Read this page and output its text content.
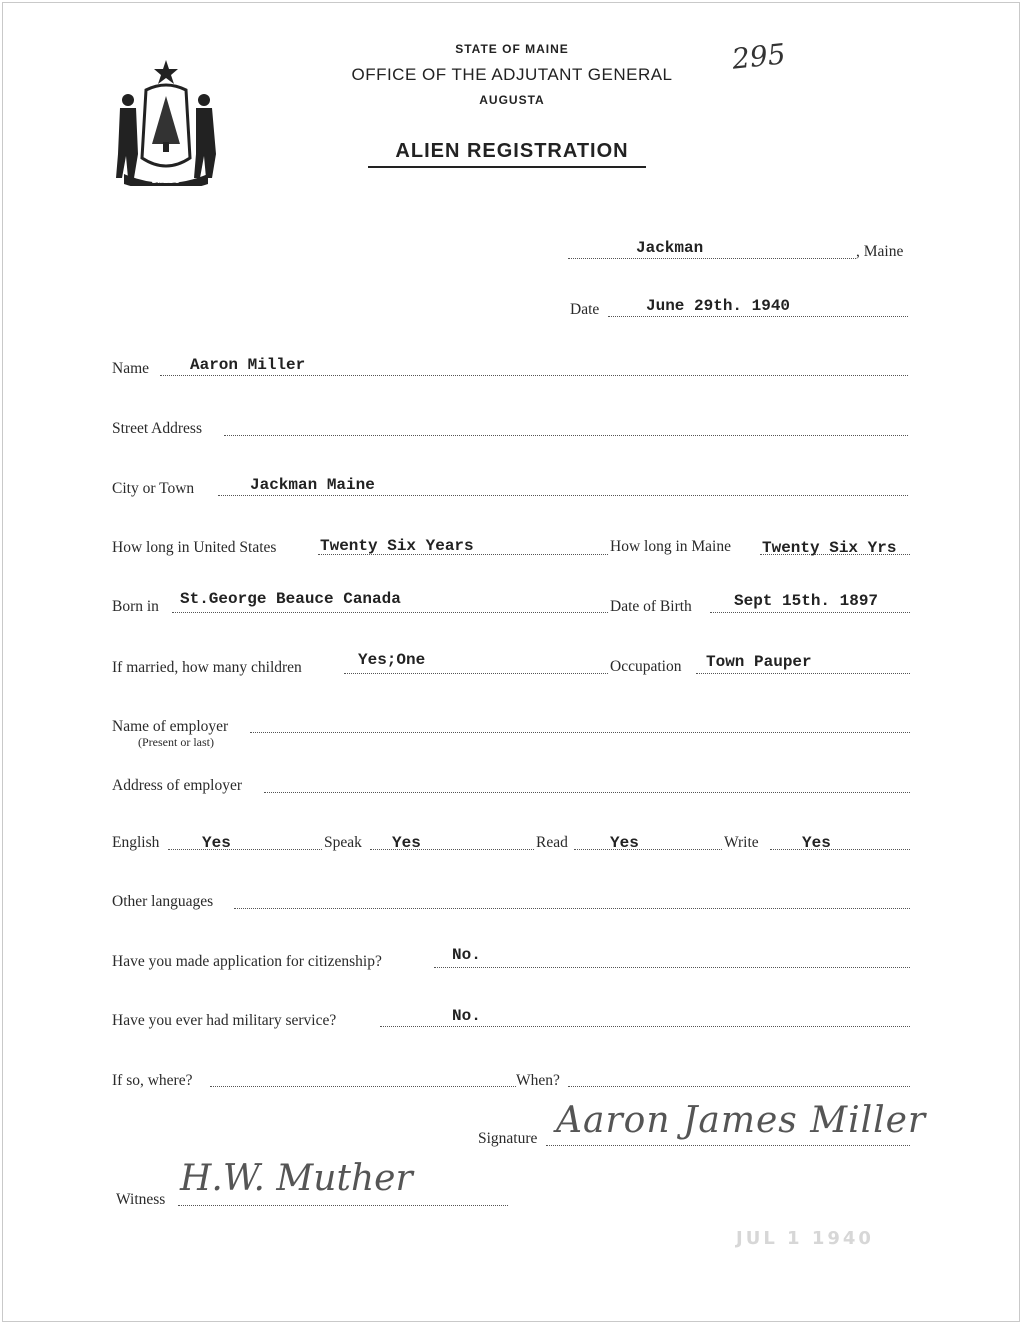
DIRIGO
STATE OF MAINE
OFFICE OF THE ADJUTANT GENERAL
AUGUSTA
ALIEN REGISTRATION
295
Jackman	, Maine
Date	June 29th. 1940
Name	Aaron Miller
Street Address
City or Town	Jackman Maine
How long in United States	Twenty Six Years	How long in Maine Twenty Six Yrs
Born in St.George Beauce Canada	Date of Birth	Sept 15th. 1897
If married, how many children	Yes;One	Occupation Town Pauper
Name of employer
(Present or last)
Address of employer
English	Yes	Speak Yes	Read	Yes	Write	Yes
Other languages
Have you made application for citizenship?	No.
Have you ever had military service?	No.
If so, where?	When?
Signature Aaron James Miller
Witness
H.W. Muther
JUL 1 1940
